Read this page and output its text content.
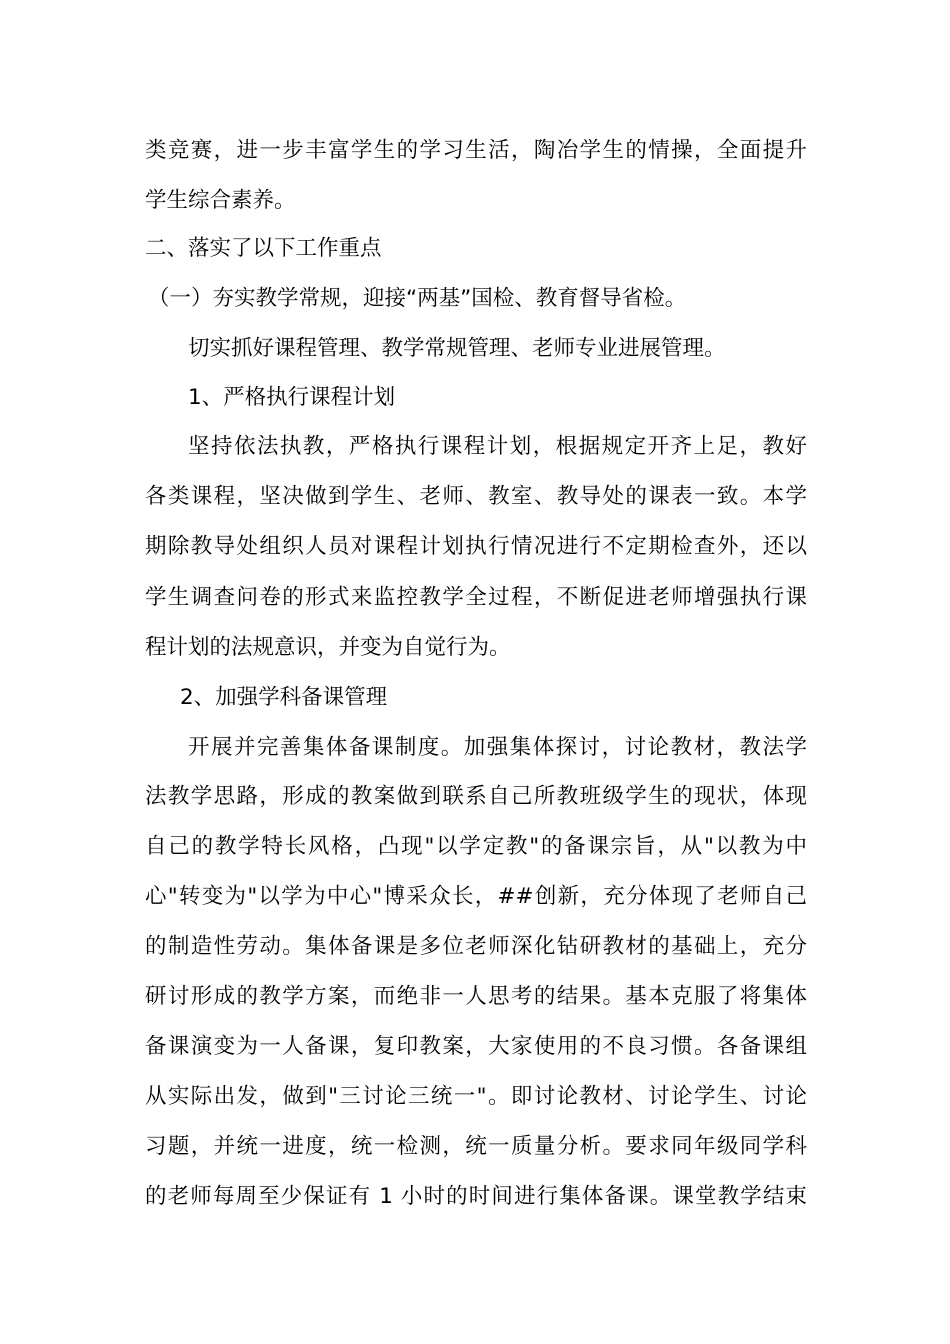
类竞赛，进一步丰富学生的学习生活，陶冶学生的情操，全面提升
学生综合素养。
二、落实了以下工作重点
（一）夯实教学常规，迎接“两基”国检、教育督导省检。
切实抓好课程管理、教学常规管理、老师专业进展管理。
1、严格执行课程计划
坚持依法执教，严格执行课程计划，根据规定开齐上足，教好
各类课程，坚决做到学生、老师、教室、教导处的课表一致。本学
期除教导处组织人员对课程计划执行情况进行不定期检查外，还以
学生调查问卷的形式来监控教学全过程，不断促进老师增强执行课
程计划的法规意识，并变为自觉行为。
2、加强学科备课管理
开展并完善集体备课制度。加强集体探讨，讨论教材，教法学
法教学思路，形成的教案做到联系自己所教班级学生的现状，体现
自己的教学特长风格，凸现"以学定教"的备课宗旨，从"以教为中
心"转变为"以学为中心"博采众长，##创新，充分体现了老师自己
的制造性劳动。集体备课是多位老师深化钻研教材的基础上，充分
研讨形成的教学方案，而绝非一人思考的结果。基本克服了将集体
备课演变为一人备课，复印教案，大家使用的不良习惯。各备课组
从实际出发，做到"三讨论三统一"。即讨论教材、讨论学生、讨论
习题，并统一进度，统一检测，统一质量分析。要求同年级同学科
的老师每周至少保证有 1 小时的时间进行集体备课。课堂教学结束
